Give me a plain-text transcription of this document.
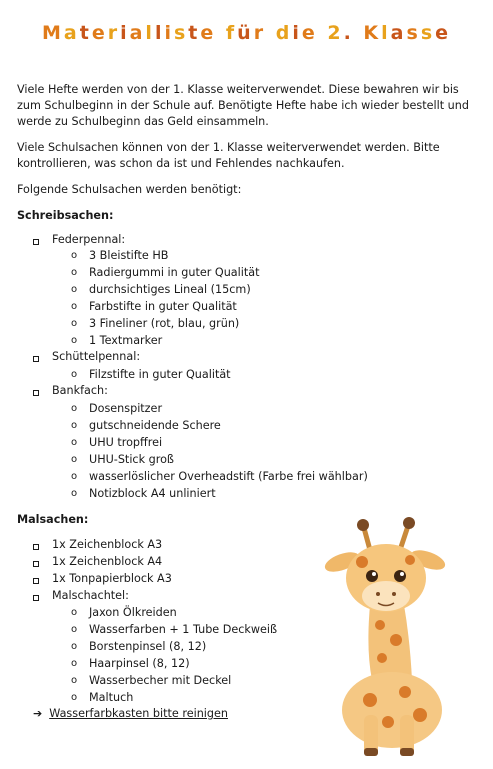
Materialliste für die 2. Klasse

Viele Hefte werden von der 1. Klasse weiterverwendet. Diese bewahren wir bis zum Schulbeginn in der Schule auf. Benötigte Hefte habe ich wieder bestellt und werde zu Schulbeginn das Geld einsammeln.

Viele Schulsachen können von der 1. Klasse weiterverwendet werden. Bitte kontrollieren, was schon da ist und Fehlendes nachkaufen.

Folgende Schulsachen werden benötigt:

Schreibsachen:

Federpennal:
o 3 Bleistifte HB
o Radiergummi in guter Qualität
o durchsichtiges Lineal (15cm)
o Farbstifte in guter Qualität
o 3 Fineliner (rot, blau, grün)
o 1 Textmarker
Schüttelpennal:
o Filzstifte in guter Qualität
Bankfach:
o Dosenspitzer
o gutschneidende Schere
o UHU tropffrei
o UHU-Stick groß
o wasserlöslicher Overheadstift (Farbe frei wählbar)
o Notizblock A4 unliniert

Malsachen:

1x Zeichenblock A3
1x Zeichenblock A4
1x Tonpapierblock A3
Malschachtel:
o Jaxon Ölkreiden
o Wasserfarben + 1 Tube Deckweiß
o Borstenpinsel (8, 12)
o Haarpinsel (8, 12)
o Wasserbecher mit Deckel
o Maltuch
➔ Wasserfarbkasten bitte reinigen
